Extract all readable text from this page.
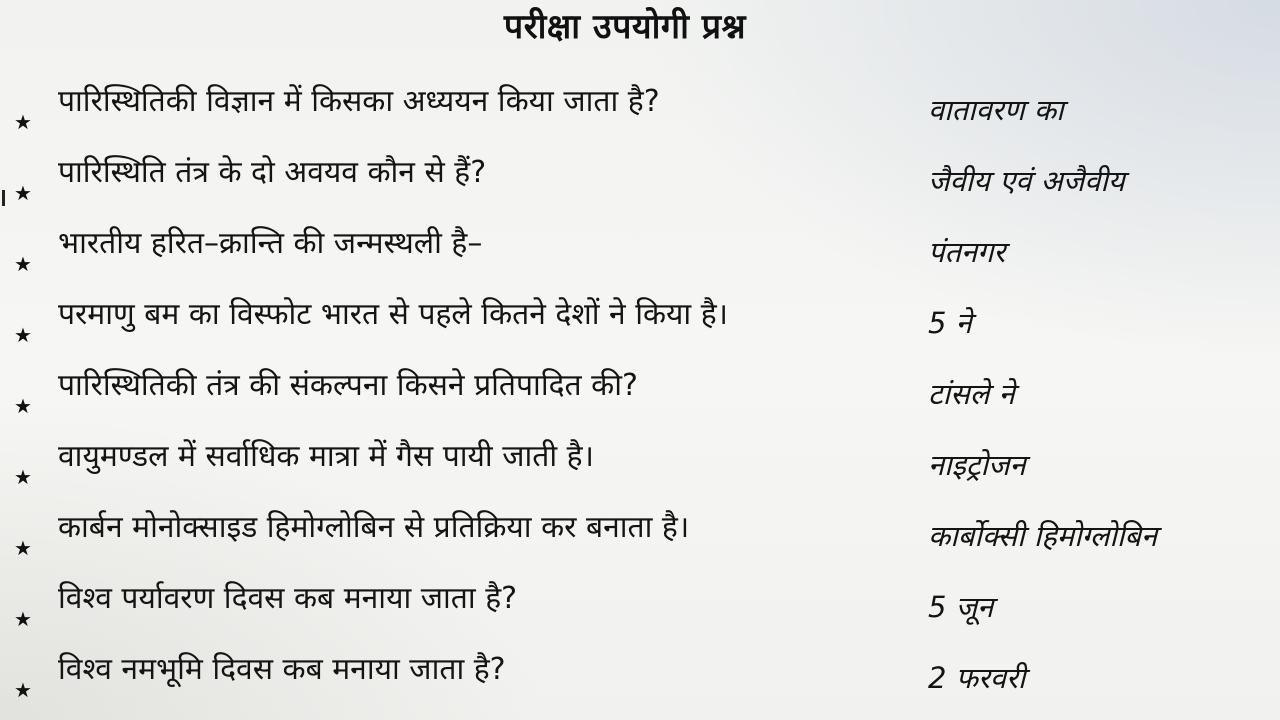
परीक्षा उपयोगी प्रश्न
★
पारिस्थितिकी विज्ञान में किसका अध्ययन किया जाता है?	वातावरण का
★
पारिस्थिति तंत्र के दो अवयव कौन से हैं?	जैवीय एवं अजैवीय
★
भारतीय हरित–क्रान्ति की जन्मस्थली है–	पंतनगर
★
परमाणु बम का विस्फोट भारत से पहले कितने देशों ने किया है।	5 ने
★
पारिस्थितिकी तंत्र की संकल्पना किसने प्रतिपादित की?	टांसले ने
★
वायुमण्डल में सर्वाधिक मात्रा में गैस पायी जाती है।	नाइट्रोजन
★
कार्बन मोनोक्साइड हिमोग्लोबिन से प्रतिक्रिया कर बनाता है।	कार्बोक्सी हिमोग्लोबिन
★
विश्व पर्यावरण दिवस कब मनाया जाता है?	5 जून
★
विश्व नमभूमि दिवस कब मनाया जाता है?	2 फरवरी
